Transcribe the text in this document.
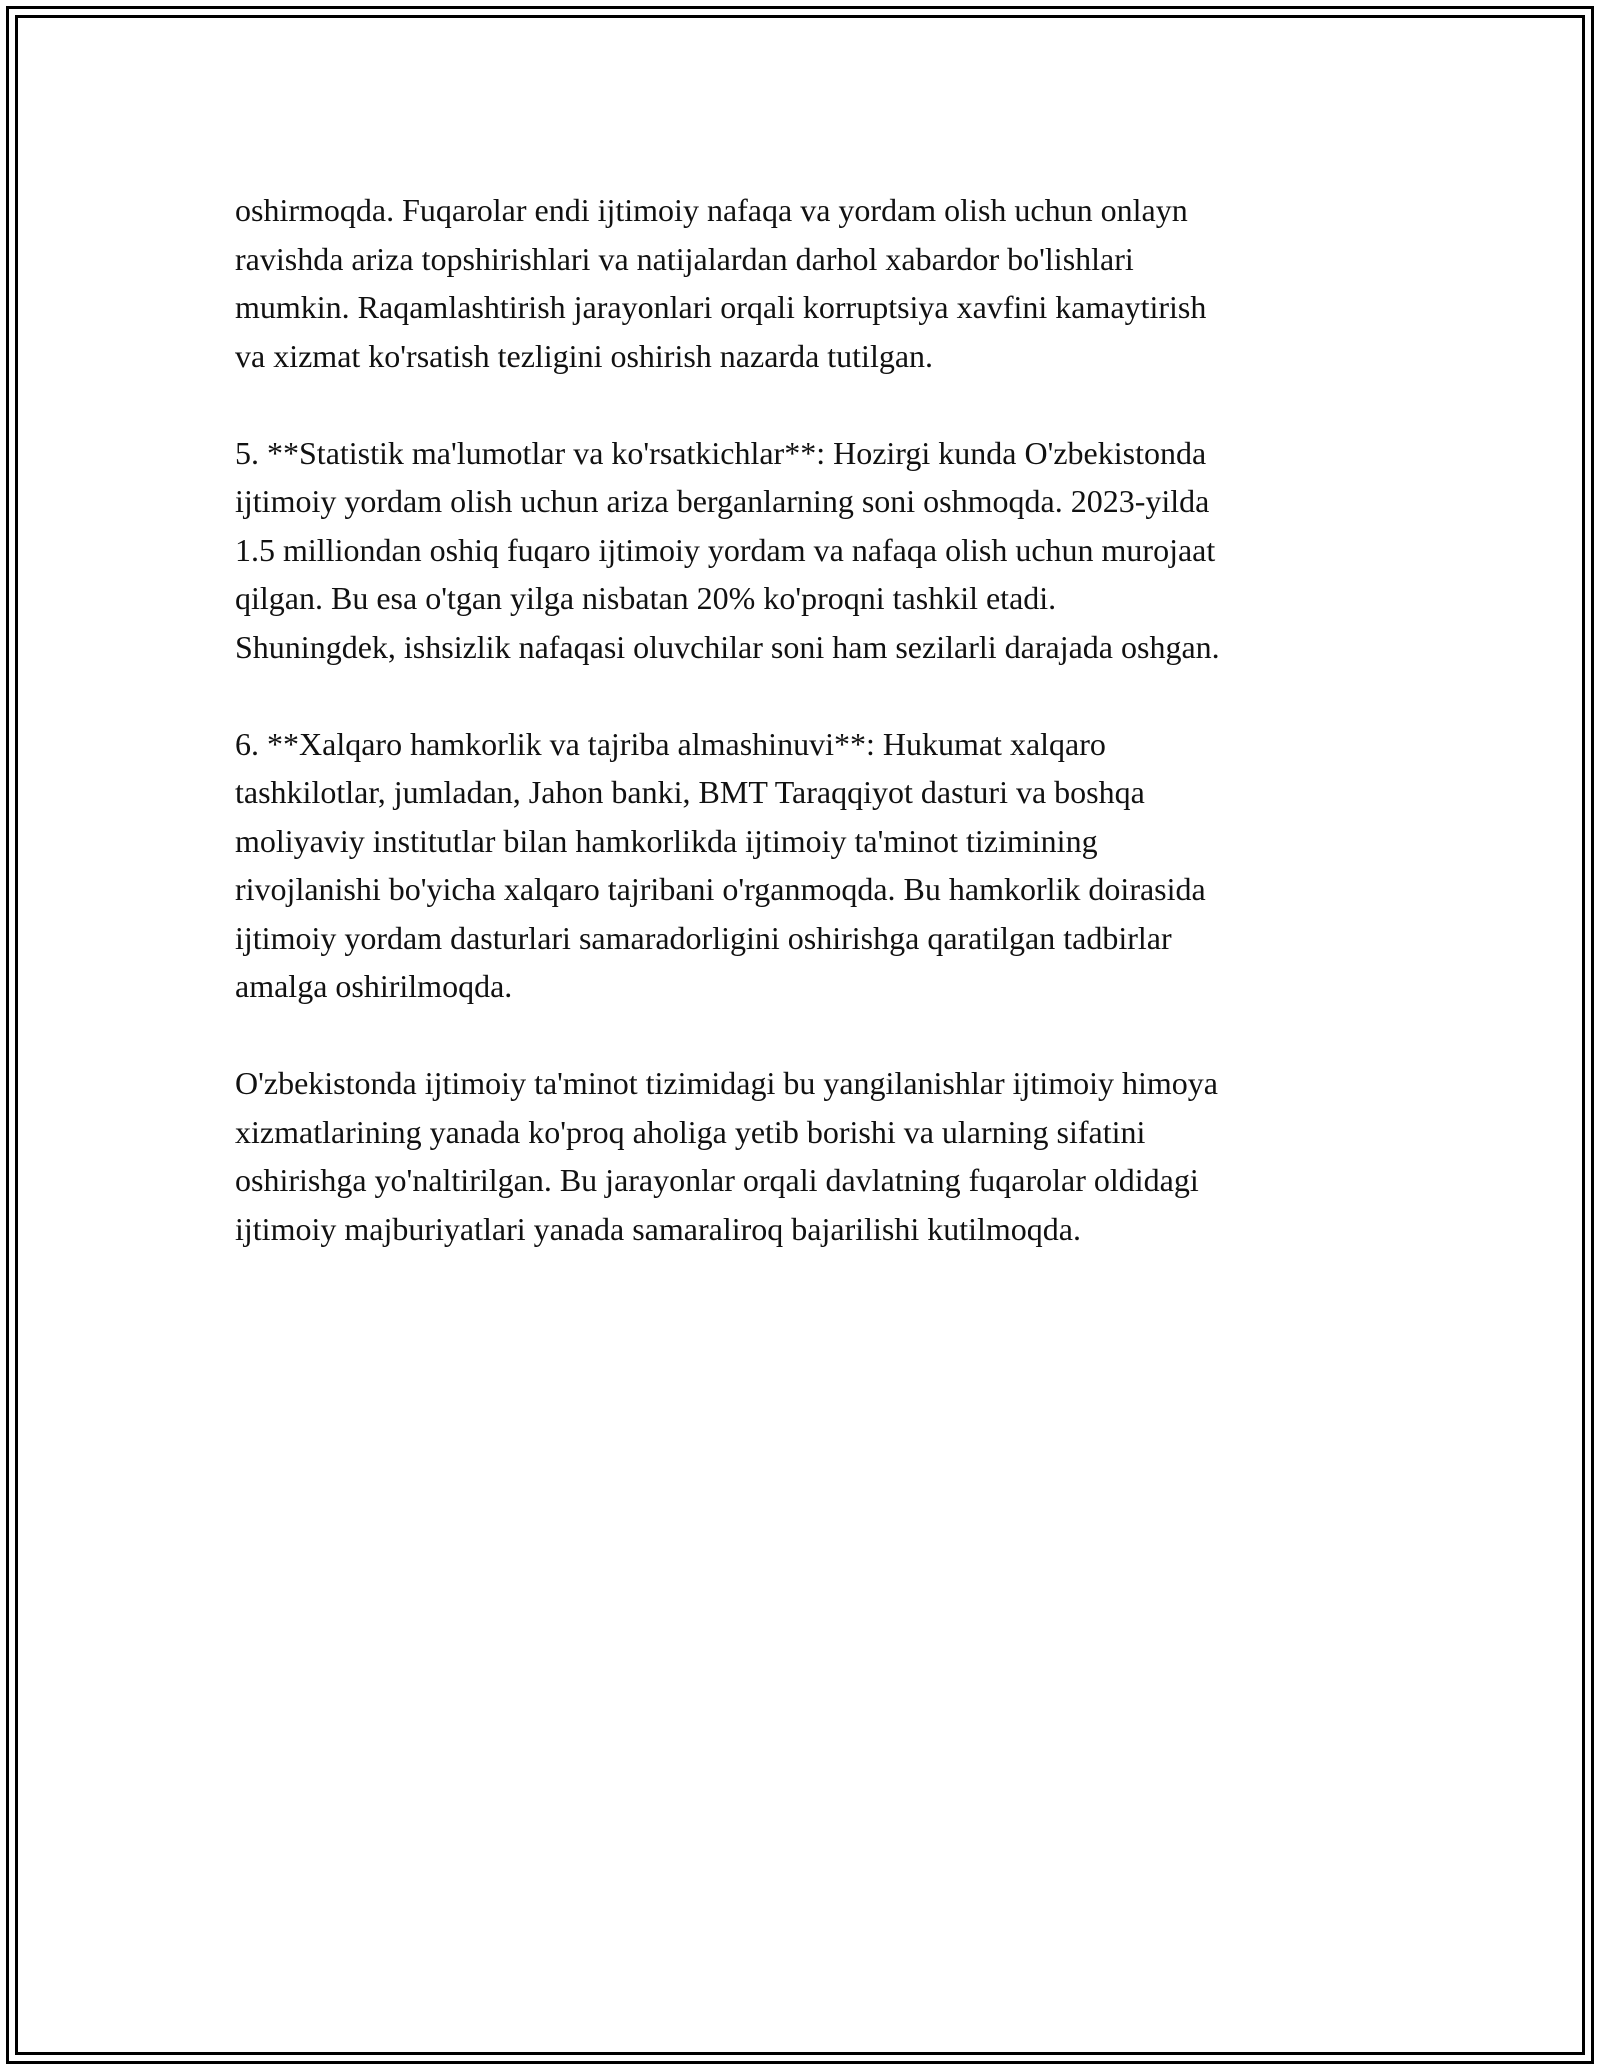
oshirmoqda. Fuqarolar endi ijtimoiy nafaqa va yordam olish uchun onlayn
ravishda ariza topshirishlari va natijalardan darhol xabardor bo'lishlari
mumkin. Raqamlashtirish jarayonlari orqali korruptsiya xavfini kamaytirish
va xizmat ko'rsatish tezligini oshirish nazarda tutilgan.

5. **Statistik ma'lumotlar va ko'rsatkichlar**: Hozirgi kunda O'zbekistonda
ijtimoiy yordam olish uchun ariza berganlarning soni oshmoqda. 2023-yilda
1.5 milliondan oshiq fuqaro ijtimoiy yordam va nafaqa olish uchun murojaat
qilgan. Bu esa o'tgan yilga nisbatan 20% ko'proqni tashkil etadi.
Shuningdek, ishsizlik nafaqasi oluvchilar soni ham sezilarli darajada oshgan.

6. **Xalqaro hamkorlik va tajriba almashinuvi**: Hukumat xalqaro
tashkilotlar, jumladan, Jahon banki, BMT Taraqqiyot dasturi va boshqa
moliyaviy institutlar bilan hamkorlikda ijtimoiy ta'minot tizimining
rivojlanishi bo'yicha xalqaro tajribani o'rganmoqda. Bu hamkorlik doirasida
ijtimoiy yordam dasturlari samaradorligini oshirishga qaratilgan tadbirlar
amalga oshirilmoqda.

O'zbekistonda ijtimoiy ta'minot tizimidagi bu yangilanishlar ijtimoiy himoya
xizmatlarining yanada ko'proq aholiga yetib borishi va ularning sifatini
oshirishga yo'naltirilgan. Bu jarayonlar orqali davlatning fuqarolar oldidagi
ijtimoiy majburiyatlari yanada samaraliroq bajarilishi kutilmoqda.
